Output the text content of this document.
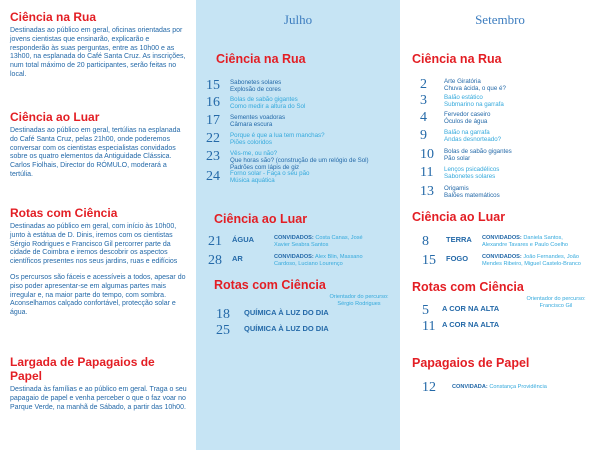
Ciência na Rua
Destinadas ao público em geral, oficinas orientadas por jovens cientistas que ensinarão, explicarão e responderão às suas perguntas, entre as 10h00 e as 13h00, na esplanada do Café Santa Cruz. As inscrições, num total máximo de 20 participantes, serão feitas no local.
Ciência ao Luar
Destinadas ao público em geral, tertúlias na esplanada do Café Santa Cruz, pelas 21h00, onde poderemos conversar com os cientistas especialistas convidados sobre os quatro elementos da Antiguidade Clássica. Carlos Fiolhais, Director do RÓMULO, moderará a tertúlia.
Rotas com Ciência
Destinadas ao público em geral, com início às 10h00, junto à estátua de D. Dinis, iremos com os cientistas Sérgio Rodrigues e Francisco Gil percorrer parte da cidade de Coimbra e iremos descobrir os aspectos científicos presentes nos seus jardins, ruas e edifícios
Os percursos são fáceis e acessíveis a todos, apesar do piso poder apresentar-se em algumas partes mais irregular e, na maior parte do tempo, com sombra. Aconselhamos calçado confortável, protecção solar e água.
Largada de Papagaios de Papel
Destinada às famílias e ao público em geral. Traga o seu papagaio de papel e venha perceber o que o faz voar no Parque Verde, na manhã de Sábado, a partir das 10h00.
Julho
Ciência na Rua
15	Sabonetes solares
Explosão de cores
16	Bolas de sabão gigantes
Como medir a altura do Sol
17	Sementes voadoras
Câmara escura
22	Porque é que a lua tem manchas?
Piões coloridos
23	Vês-me, ou não?
Que horas são? (construção de um relógio de Sol)
Padrões com lápis de giz
24	Forno solar - Faça o seu pão
Música aquática
Ciência ao Luar
21	ÁGUA	CONVIDADOS: Costa Canas, José Xavier Seabra Santos
28	AR	CONVIDADOS: Alex Blin, Massano Cardoso, Luciano Lourenço
Rotas com Ciência
Orientador do percurso: Sérgio Rodrigues
18	QUÍMICA À LUZ DO DIA
25	QUÍMICA À LUZ DO DIA
Setembro
Ciência na Rua
2	Arte Giratória
Chuva ácida, o que é?
3	Balão estático
Submarino na garrafa
4	Fervedor caseiro
Óculos de água
9	Balão na garrafa
Andas desnorteado?
10	Bolas de sabão gigantes
Pão solar
11	Lenços psicadélicos
Sabonetes solares
13	Origamis
Balões matemáticos
Ciência ao Luar
8	TERRA	CONVIDADOS: Daniela Santos, Alexandre Tavares e Paulo Coelho
15	FOGO	CONVIDADOS: João Fernandes, João Mendes Ribeiro, Miguel Castelo-Branco
Rotas com Ciência
Orientador do percurso: Francisco Gil
5	A COR NA ALTA
11 A COR NA ALTA
Papagaios de Papel
12	CONVIDADA: Constança Providência
